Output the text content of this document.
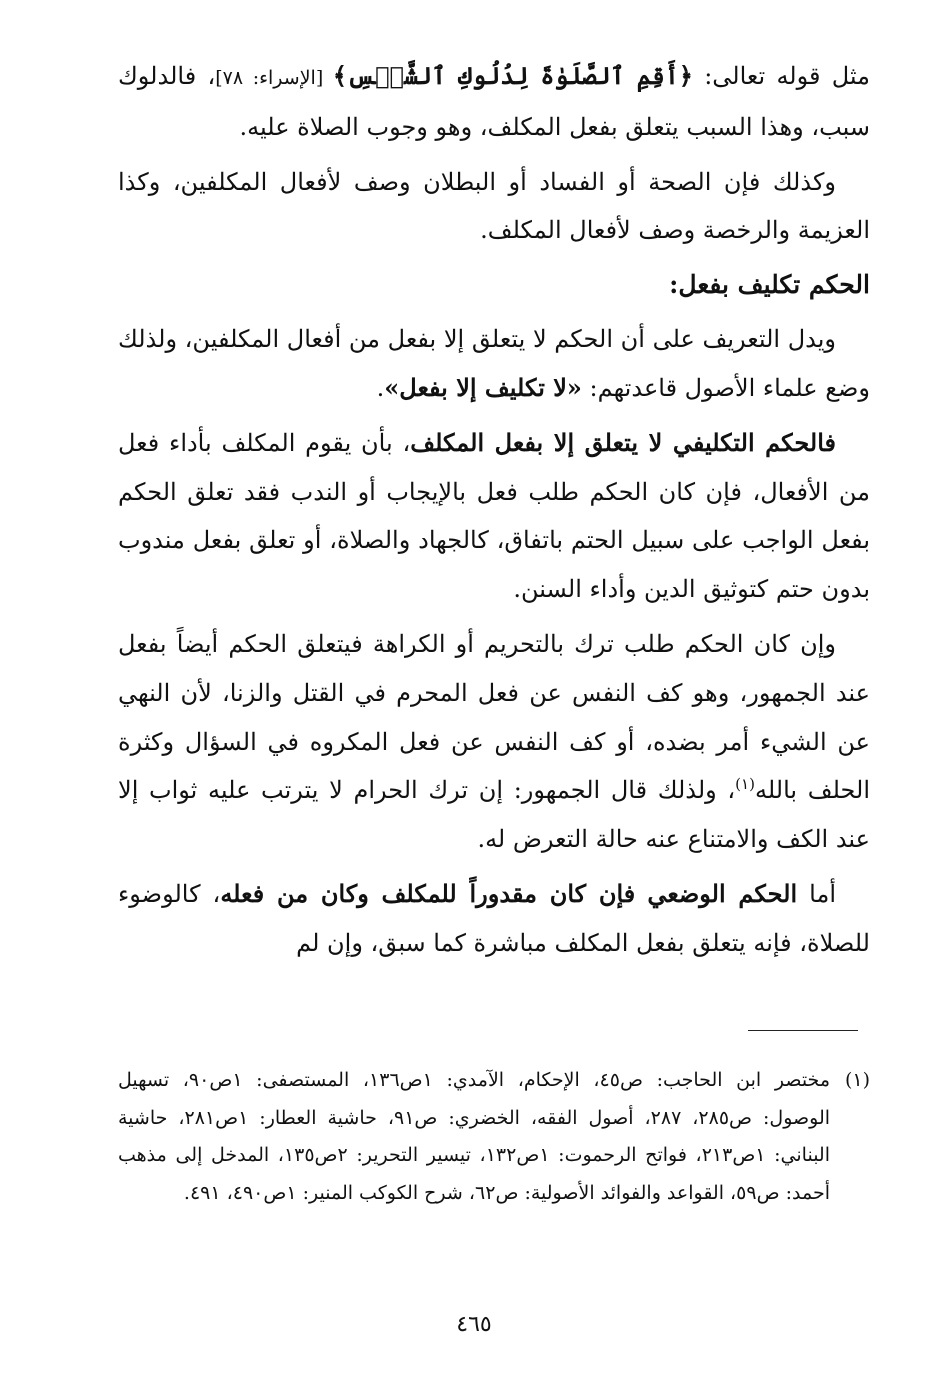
مثل قوله تعالى: ﴿أَقِمِ ٱلصَّلَوٰةَ لِدُلُوكِ ٱلشَّمۡسِ﴾ [الإسراء: ٧٨]، فالدلوك سبب، وهذا السبب يتعلق بفعل المكلف، وهو وجوب الصلاة عليه.

وكذلك فإن الصحة أو الفساد أو البطلان وصف لأفعال المكلفين، وكذا العزيمة والرخصة وصف لأفعال المكلف.

الحكم تكليف بفعل:

ويدل التعريف على أن الحكم لا يتعلق إلا بفعل من أفعال المكلفين، ولذلك وضع علماء الأصول قاعدتهم: «لا تكليف إلا بفعل».

فالحكم التكليفي لا يتعلق إلا بفعل المكلف، بأن يقوم المكلف بأداء فعل من الأفعال، فإن كان الحكم طلب فعل بالإيجاب أو الندب فقد تعلق الحكم بفعل الواجب على سبيل الحتم باتفاق، كالجهاد والصلاة، أو تعلق بفعل مندوب بدون حتم كتوثيق الدين وأداء السنن.

وإن كان الحكم طلب ترك بالتحريم أو الكراهة فيتعلق الحكم أيضاً بفعل عند الجمهور، وهو كف النفس عن فعل المحرم في القتل والزنا، لأن النهي عن الشيء أمر بضده، أو كف النفس عن فعل المكروه في السؤال وكثرة الحلف بالله$^{(١)}$، ولذلك قال الجمهور: إن ترك الحرام لا يترتب عليه ثواب إلا عند الكف والامتناع عنه حالة التعرض له.

أما الحكم الوضعي فإن كان مقدوراً للمكلف وكان من فعله، كالوضوء للصلاة، فإنه يتعلق بفعل المكلف مباشرة كما سبق، وإن لم

(١)
مختصر ابن الحاجب: ص٤٥، الإحكام، الآمدي: ١ص١٣٦، المستصفى: ١ص٩٠، تسهيل الوصول: ص٢٨٥، ٢٨٧، أصول الفقه، الخضري: ص٩١، حاشية العطار: ١ص٢٨١، حاشية البناني: ١ص٢١٣، فواتح الرحموت: ١ص١٣٢، تيسير التحرير: ٢ص١٣٥، المدخل إلى مذهب أحمد: ص٥٩، القواعد والفوائد الأصولية: ص٦٢، شرح الكوكب المنير: ١ص٤٩٠، ٤٩١.
٤٦٥
